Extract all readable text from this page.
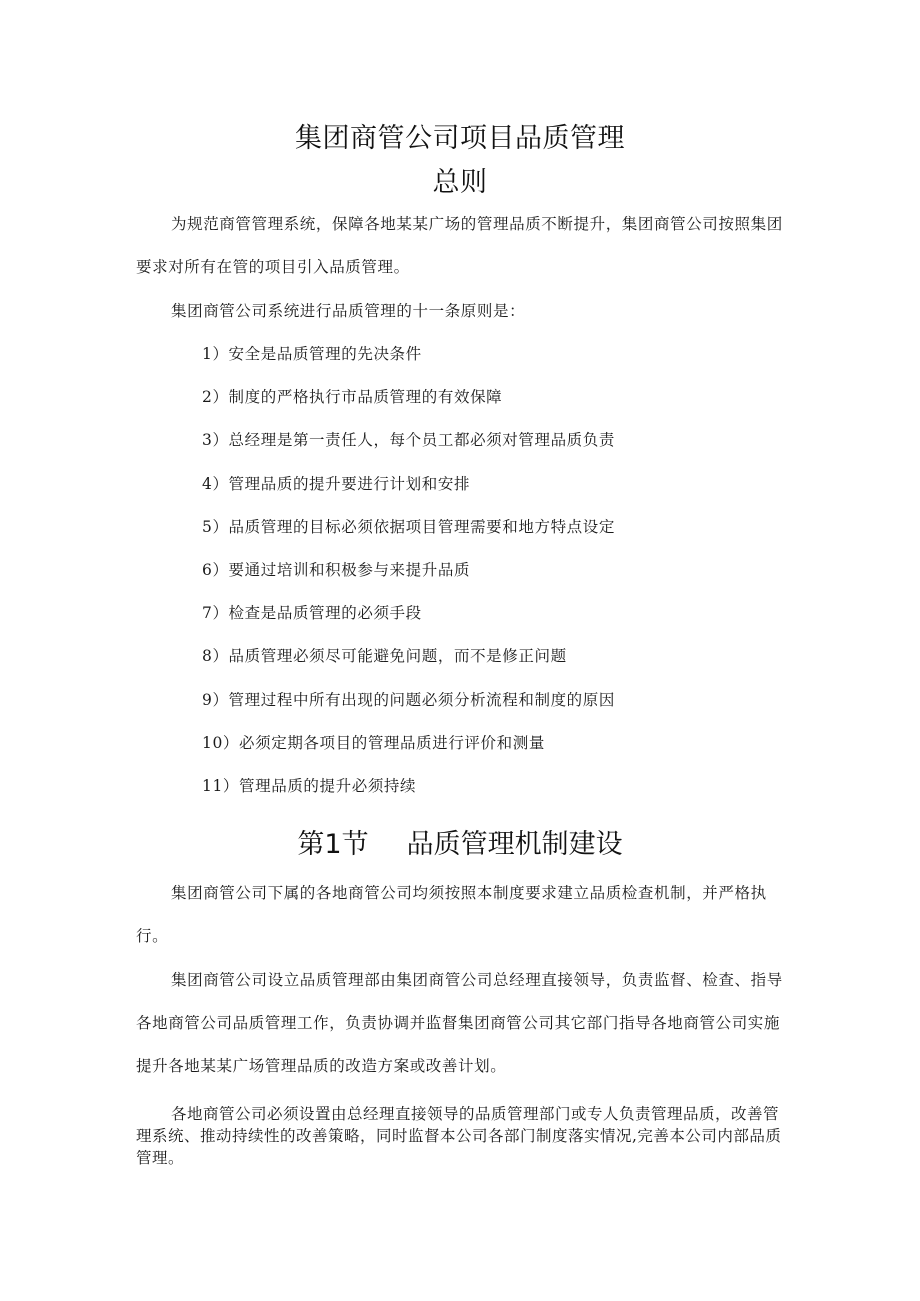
集团商管公司项目品质管理
总则
为规范商管管理系统，保障各地某某广场的管理品质不断提升，集团商管公司按照集团要求对所有在管的项目引入品质管理。
集团商管公司系统进行品质管理的十一条原则是：
1）安全是品质管理的先决条件
2）制度的严格执行市品质管理的有效保障
3）总经理是第一责任人，每个员工都必须对管理品质负责
4）管理品质的提升要进行计划和安排
5）品质管理的目标必须依据项目管理需要和地方特点设定
6）要通过培训和积极参与来提升品质
7）检查是品质管理的必须手段
8）品质管理必须尽可能避免问题，而不是修正问题
9）管理过程中所有出现的问题必须分析流程和制度的原因
10）必须定期各项目的管理品质进行评价和测量
11）管理品质的提升必须持续
第1节 品质管理机制建设
集团商管公司下属的各地商管公司均须按照本制度要求建立品质检查机制，并严格执行。
集团商管公司设立品质管理部由集团商管公司总经理直接领导，负责监督、检查、指导各地商管公司品质管理工作，负责协调并监督集团商管公司其它部门指导各地商管公司实施提升各地某某广场管理品质的改造方案或改善计划。
各地商管公司必须设置由总经理直接领导的品质管理部门或专人负责管理品质，改善管理系统、推动持续性的改善策略，同时监督本公司各部门制度落实情况,完善本公司内部品质管理。
